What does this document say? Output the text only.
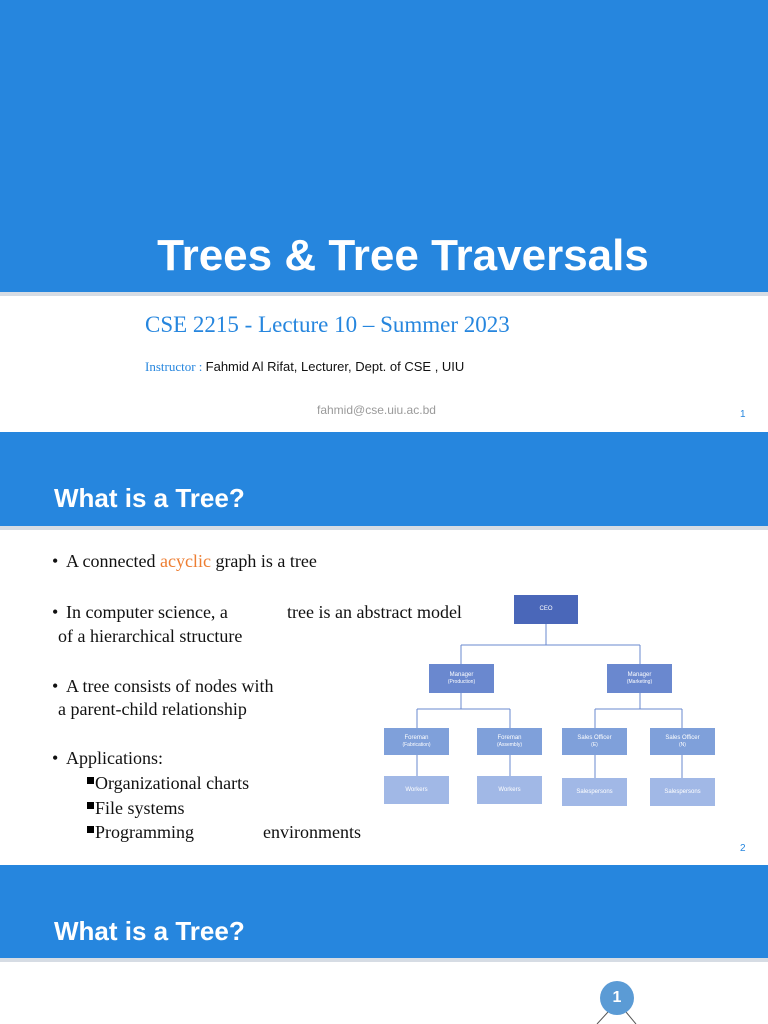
Trees & Tree Traversals
CSE 2215 - Lecture 10 – Summer 2023
Instructor : Fahmid Al Rifat, Lecturer, Dept. of CSE , UIU
fahmid@cse.uiu.ac.bd	1
What is a Tree?
• A connected acyclic graph is a tree
• In computer science, a	tree is an abstract model
of a hierarchical structure
• A tree consists of nodes with
a parent-child relationship
• Applications:
Organizational charts
File systems
Programming	environments
CEO
Manager
(Production)
Manager
(Marketing)
Foreman
(Fabrication)
Foreman
(Assembly)
Sales Officer
(E)
Sales Officer
(N)
Workers	Workers	Salespersons	Salespersons
2
What is a Tree?
1
